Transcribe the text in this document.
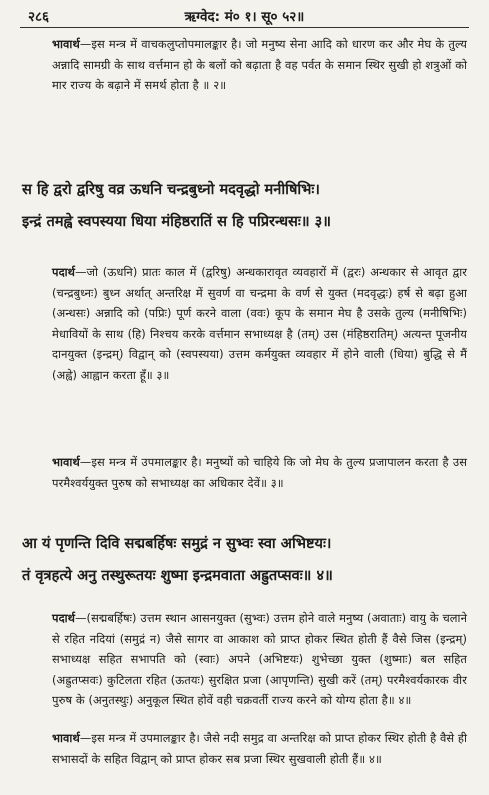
२८६	ऋग्वेद: मं० १। सू० ५२॥
भावार्थ—इस मन्त्र में वाचकलुप्तोपमालङ्कार है। जो मनुष्य सेना आदि को धारण कर और मेघ के तुल्य अन्नादि सामग्री के साथ वर्त्तमान हो के बलों को बढ़ाता है वह पर्वत के समान स्थिर सुखी हो शत्रुओं को मार राज्य के बढ़ाने में समर्थ होता है ॥ २॥
स हि द्वरो द्वरिषु वव्र ऊधनि चन्द्रबुध्नो मदवृद्धो मनीषिभिः।
इन्द्रं तमह्वे स्वपस्यया धिया मंहिष्ठरातिं स हि पप्रिरन्धसः॥ ३॥
पदार्थ—जो (ऊधनि) प्रातः काल में (द्वरिषु) अन्धकारावृत व्यवहारों में (द्वरः) अन्धकार से आवृत द्वार (चन्द्रबुध्नः) बुध्न अर्थात् अन्तरिक्ष में सुवर्ण वा चन्द्रमा के वर्ण से युक्त (मदवृद्धः) हर्ष से बढ़ा हुआ (अन्धसः) अन्नादि को (पप्रिः) पूर्ण करने वाला (ववः) कूप के समान मेघ है उसके तुल्य (मनीषिभिः) मेधावियों के साथ (हि) निश्चय करके वर्त्तमान सभाध्यक्ष है (तम्) उस (मंहिष्ठरातिम्) अत्यन्त पूजनीय दानयुक्त (इन्द्रम्) विद्वान् को (स्वपस्यया) उत्तम कर्मयुक्त व्यवहार में होने वाली (धिया) बुद्धि से मैं (अह्वे) आह्वान करता हूँ॥ ३॥
भावार्थ—इस मन्त्र में उपमालङ्कार है। मनुष्यों को चाहिये कि जो मेघ के तुल्य प्रजापालन करता है उस परमैश्वर्ययुक्त पुरुष को सभाध्यक्ष का अधिकार देवें॥ ३॥
आ यं पृणन्ति दिवि सद्मबर्हिषः समुद्रं न सुभ्वः स्वा अभिष्टयः।
तं वृत्रहत्ये अनु तस्थुरूतयः शुष्मा इन्द्रमवाता अह्रुतप्सवः॥ ४॥
पदार्थ—(सद्मबर्हिषः) उत्तम स्थान आसनयुक्त (सुभ्वः) उत्तम होने वाले मनुष्य (अवाताः) वायु के चलाने से रहित नदियां (समुद्रं न) जैसे सागर वा आकाश को प्राप्त होकर स्थित होती हैं वैसे जिस (इन्द्रम्) सभाध्यक्ष सहित सभापति को (स्वाः) अपने (अभिष्टयः) शुभेच्छा युक्त (शुष्माः) बल सहित (अह्रुतप्सवः) कुटिलता रहित (ऊतयः) सुरक्षित प्रजा (आपृणन्ति) सुखी करें (तम्) परमैश्वर्यकारक वीर पुरुष के (अनुतस्थुः) अनुकूल स्थित होवें वही चक्रवर्ती राज्य करने को योग्य होता है॥ ४॥
भावार्थ—इस मन्त्र में उपमालङ्कार है। जैसे नदी समुद्र वा अन्तरिक्ष को प्राप्त होकर स्थिर होती है वैसे ही सभासदों के सहित विद्वान् को प्राप्त होकर सब प्रजा स्थिर सुखवाली होती हैं॥ ४॥
